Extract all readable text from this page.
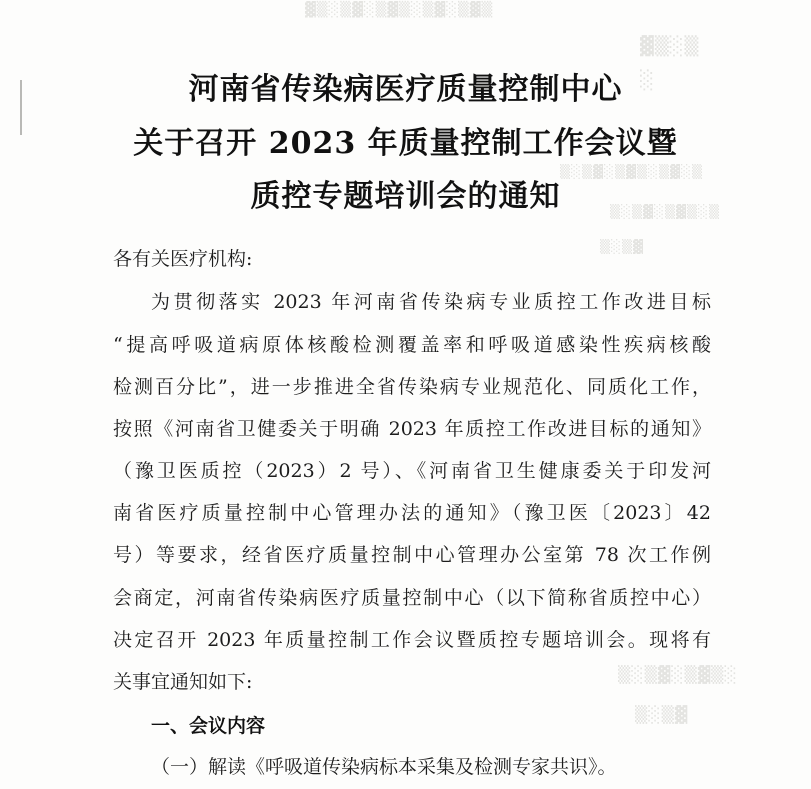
▓▒░▒▓░▒▓▒░▒▓░▒▓▒
▓▒░▒
░
▒░▒▓░▒▓▒░▒▓░▒
▒░▒▓░▒▓▒░▒
▒░▒▓
▒░▒▓░▒▓▒░
▒░▒▓
河南省传染病医疗质量控制中心
关于召开 2023 年质量控制工作会议暨
质控专题培训会的通知
各有关医疗机构:
为贯彻落实 2023 年河南省传染病专业质控工作改进目标
“提高呼吸道病原体核酸检测覆盖率和呼吸道感染性疾病核酸
检测百分比”，进一步推进全省传染病专业规范化、同质化工作，
按照《河南省卫健委关于明确 2023 年质控工作改进目标的通知》
（豫卫医质控（2023）2 号）、《河南省卫生健康委关于印发河
南省医疗质量控制中心管理办法的通知》（豫卫医〔2023〕42
号）等要求，经省医疗质量控制中心管理办公室第 78 次工作例
会商定，河南省传染病医疗质量控制中心（以下简称省质控中心）
决定召开 2023 年质量控制工作会议暨质控专题培训会。现将有
关事宜通知如下:
一、会议内容
（一）解读《呼吸道传染病标本采集及检测专家共识》。
